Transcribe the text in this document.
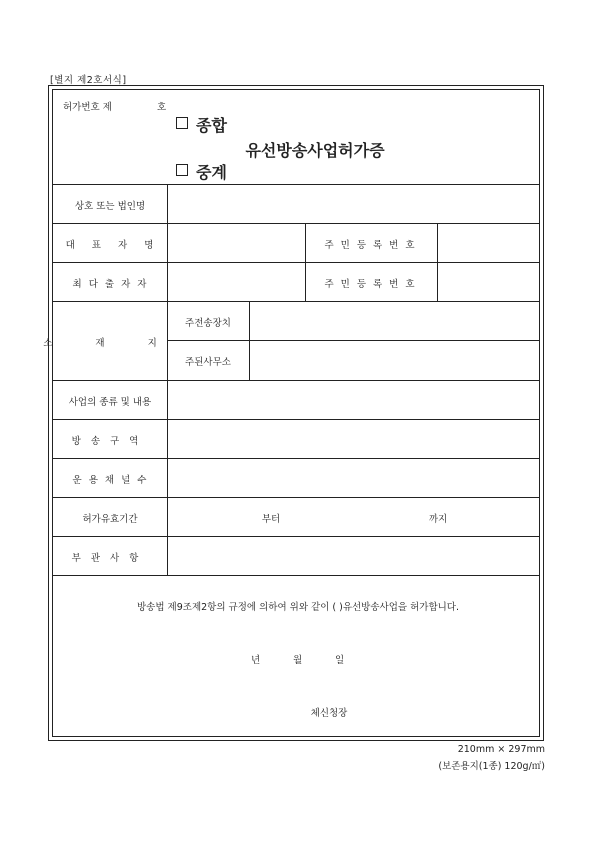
[별지 제2호서식]
허가번호 제	호
종합
유선방송사업허가증
중계
상호 또는 법인명
대 표 자 명	주민등록번호
최다출자자	주민등록번호
소 재 지
주전송장치
주된사무소
사업의 종류 및 내용
방송구역
운용채널수
허가유효기간	부터	까지
부관사항
방송법 제9조제2항의 규정에 의하여 위와 같이 ( )유선방송사업을 허가합니다.
년	월	일
체신청장
210mm × 297mm
(보존용지(1종) 120g/㎡)
